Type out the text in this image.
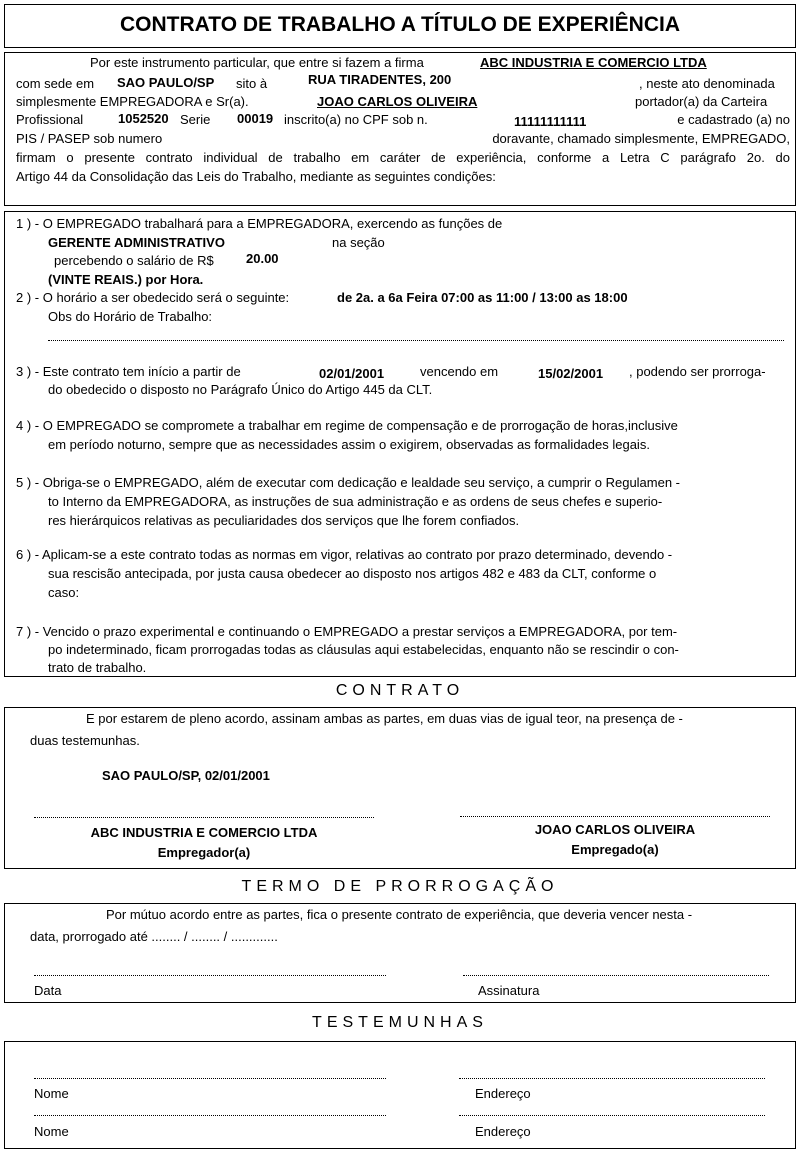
CONTRATO DE TRABALHO A TÍTULO DE EXPERIÊNCIA
Por este instrumento particular, que entre si fazem a firma	ABC INDUSTRIA E COMERCIO LTDA
com sede em SAO PAULO/SP sito à	RUA TIRADENTES, 200	, neste ato denominada
simplesmente EMPREGADORA e Sr(a).	JOAO CARLOS OLIVEIRA	portador(a) da Carteira
Profissional	1052520 Serie 00019 inscrito(a) no CPF sob n.	11111111111	e cadastrado (a) no
PIS / PASEP sob numero	doravante, chamado simplesmente, EMPREGADO,
firmam o presente contrato individual de trabalho em caráter de experiência, conforme a Letra C parágrafo 2o. do
Artigo 44 da Consolidação das Leis do Trabalho, mediante as seguintes condições:
1 ) - O EMPREGADO trabalhará para a EMPREGADORA, exercendo as funções de
GERENTE ADMINISTRATIVO	na seção
percebendo o salário de R$ 20.00
(VINTE REAIS.) por Hora.
2 ) - O horário a ser obedecido será o seguinte:	de 2a. a 6a Feira 07:00 as 11:00 / 13:00 as 18:00
Obs do Horário de Trabalho:
3 ) - Este contrato tem início a partir de	02/01/2001	vencendo em	15/02/2001 , podendo ser prorroga-
do obedecido o disposto no Parágrafo Único do Artigo 445 da CLT.
4 ) - O EMPREGADO se compromete a trabalhar em regime de compensação e de prorrogação de horas,inclusive
em período noturno, sempre que as necessidades assim o exigirem, observadas as formalidades legais.
5 ) - Obriga-se o EMPREGADO, além de executar com dedicação e lealdade seu serviço, a cumprir o Regulamen -
to Interno da EMPREGADORA, as instruções de sua administração e as ordens de seus chefes e superio-
res hierárquicos relativas as peculiaridades dos serviços que lhe forem confiados.
6 ) - Aplicam-se a este contrato todas as normas em vigor, relativas ao contrato por prazo determinado, devendo -
sua rescisão antecipada, por justa causa obedecer ao disposto nos artigos 482 e 483 da CLT, conforme o
caso:
7 ) - Vencido o prazo experimental e continuando o EMPREGADO a prestar serviços a EMPREGADORA, por tem-
po indeterminado, ficam prorrogadas todas as cláusulas aqui estabelecidas, enquanto não se rescindir o con-
trato de trabalho.
CONTRATO
E por estarem de pleno acordo, assinam ambas as partes, em duas vias de igual teor, na presença de -
duas testemunhas.
SAO PAULO/SP, 02/01/2001
ABC INDUSTRIA E COMERCIO LTDA
Empregador(a)
JOAO CARLOS OLIVEIRA
Empregado(a)
TERMO DE PRORROGAÇÃO
Por mútuo acordo entre as partes, fica o presente contrato de experiência, que deveria vencer nesta -
data, prorrogado até ........ / ........ / .............
Data	Assinatura
TESTEMUNHAS
Nome	Endereço
Nome	Endereço
